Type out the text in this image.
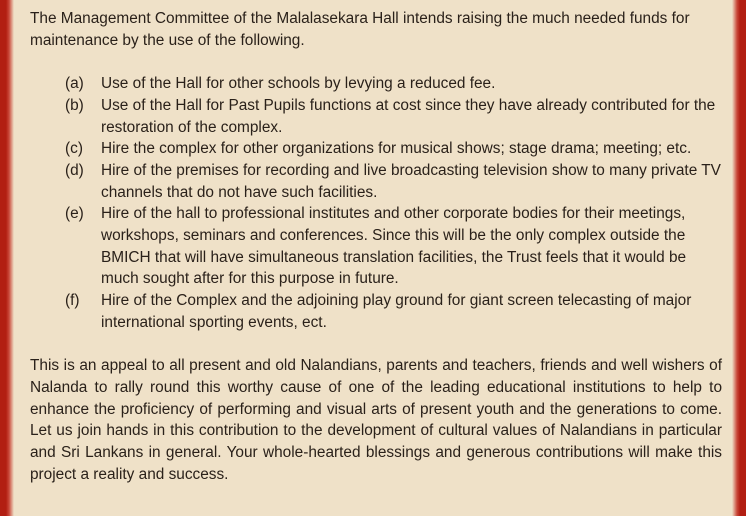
The Management Committee of the Malalasekara Hall intends raising the much needed funds for maintenance by the use of the following.

(a)	Use of the Hall for other schools by levying a reduced fee.
(b)	Use of the Hall for Past Pupils functions at cost since they have already contributed for the restoration of the complex.
(c)	Hire the complex for other organizations for musical shows; stage drama; meeting; etc.
(d)	Hire of the premises for recording and live broadcasting television show to many private TV channels that do not have such facilities.
(e)	Hire of the hall to professional institutes and other corporate bodies for their meetings, workshops, seminars and conferences. Since this will be the only complex outside the BMICH that will have simultaneous translation facilities, the Trust feels that it would be much sought after for this purpose in future.
(f)	Hire of the Complex and the adjoining play ground for giant screen telecasting of major international sporting events, ect.

This is an appeal to all present and old Nalandians, parents and teachers, friends and well wishers of Nalanda to rally round this worthy cause of one of the leading educational institutions to help to enhance the proficiency of performing and visual arts of present youth and the generations to come. Let us join hands in this contribution to the development of cultural values of Nalandians in particular and Sri Lankans in general. Your whole-hearted blessings and generous contributions will make this project a reality and success.
